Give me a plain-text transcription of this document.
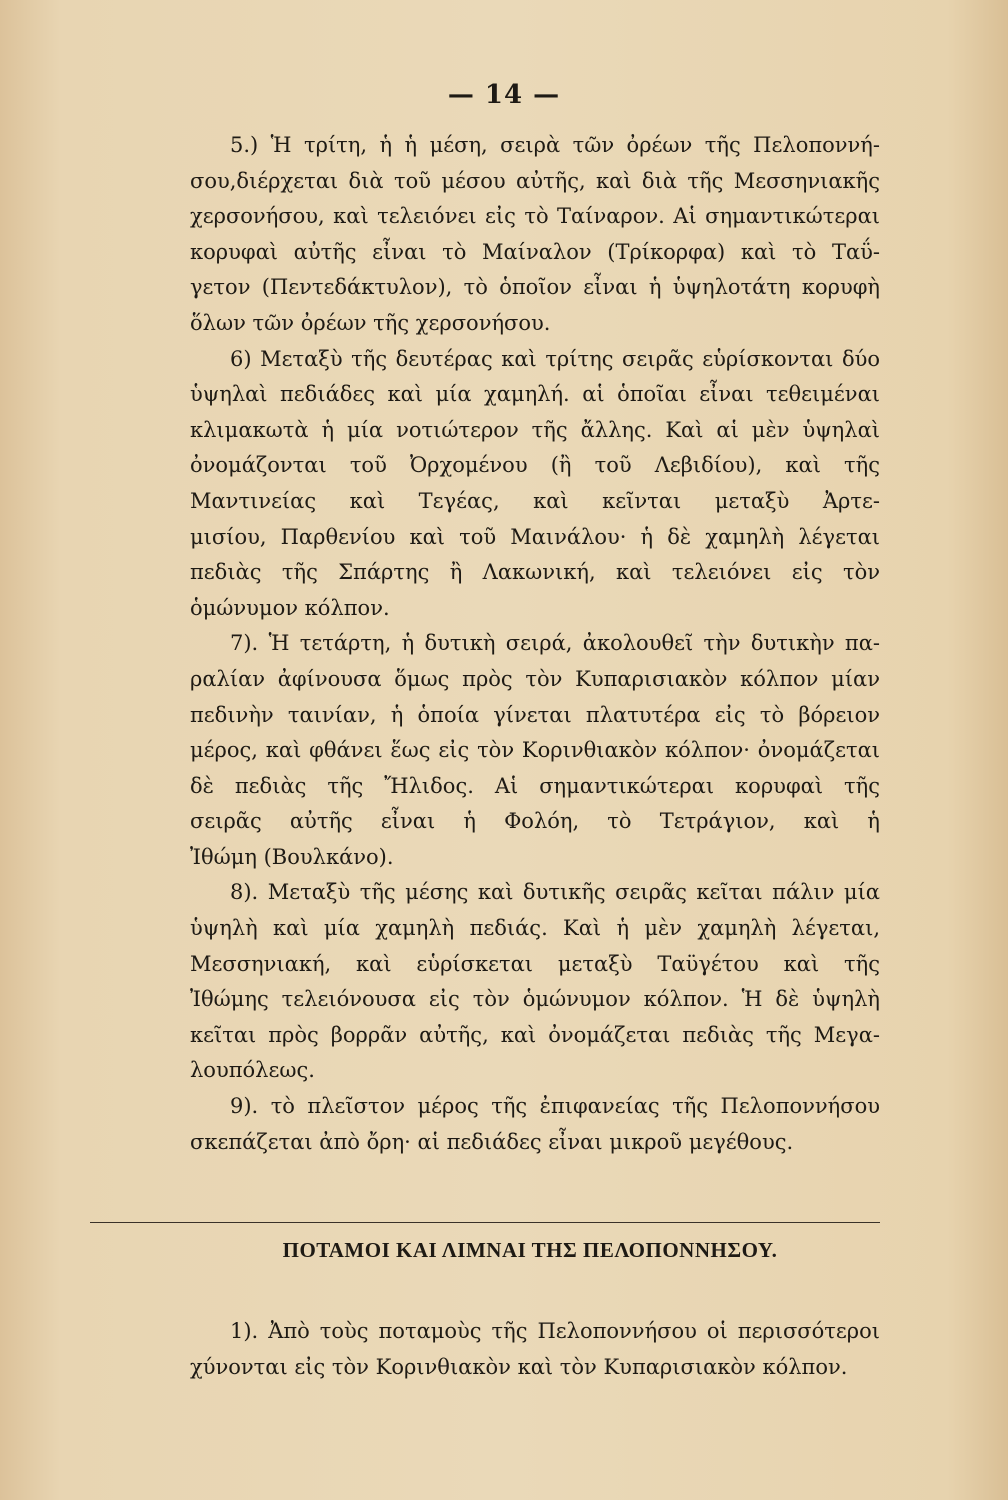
— 14 —
5.) Ἡ τρίτη, ἡ ἡ μέση, σειρὰ τῶν ὀρέων τῆς Πελοποννή-
σου,διέρχεται διὰ τοῦ μέσου αὐτῆς, καὶ διὰ τῆς Μεσσηνιακῆς
χερσονήσου, καὶ τελειόνει εἰς τὸ Ταίναρον. Αἱ σημαντικώτεραι
κορυφαὶ αὐτῆς εἶναι τὸ Μαίναλον (Τρίκορφα) καὶ τὸ Ταΰ-
γετον (Πεντεδάκτυλον), τὸ ὁποῖον εἶναι ἡ ὑψηλοτάτη κορυφὴ
ὅλων τῶν ὀρέων τῆς χερσονήσου.
6) Μεταξὺ τῆς δευτέρας καὶ τρίτης σειρᾶς εὑρίσκονται δύο
ὑψηλαὶ πεδιάδες καὶ μία χαμηλή. αἱ ὁποῖαι εἶναι τεθειμέναι
κλιμακωτὰ ἡ μία νοτιώτερον τῆς ἄλλης. Καὶ αἱ μὲν ὑψηλαὶ
ὀνομάζονται τοῦ Ὀρχομένου (ἢ τοῦ Λεβιδίου), καὶ τῆς
Μαντινείας καὶ Τεγέας, καὶ κεῖνται μεταξὺ Ἀρτε-
μισίου, Παρθενίου καὶ τοῦ Μαινάλου· ἡ δὲ χαμηλὴ λέγεται
πεδιὰς τῆς Σπάρτης ἢ Λακωνική, καὶ τελειόνει εἰς τὸν
ὁμώνυμον κόλπον.
7). Ἡ τετάρτη, ἡ δυτικὴ σειρά, ἀκολουθεῖ τὴν δυτικὴν πα-
ραλίαν ἀφίνουσα ὅμως πρὸς τὸν Κυπαρισιακὸν κόλπον μίαν
πεδινὴν ταινίαν, ἡ ὁποία γίνεται πλατυτέρα εἰς τὸ βόρειον
μέρος, καὶ φθάνει ἕως εἰς τὸν Κορινθιακὸν κόλπον· ὀνομάζεται
δὲ πεδιὰς τῆς Ἤλιδος. Αἱ σημαντικώτεραι κορυφαὶ τῆς
σειρᾶς αὐτῆς εἶναι ἡ Φολόη, τὸ Τετράγιον, καὶ ἡ
Ἰθώμη (Βουλκάνο).
8). Μεταξὺ τῆς μέσης καὶ δυτικῆς σειρᾶς κεῖται πάλιν μία
ὑψηλὴ καὶ μία χαμηλὴ πεδιάς. Καὶ ἡ μὲν χαμηλὴ λέγεται,
Μεσσηνιακή, καὶ εὑρίσκεται μεταξὺ Ταϋγέτου καὶ τῆς
Ἰθώμης τελειόνουσα εἰς τὸν ὁμώνυμον κόλπον. Ἡ δὲ ὑψηλὴ
κεῖται πρὸς βορρᾶν αὐτῆς, καὶ ὀνομάζεται πεδιὰς τῆς Μεγα-
λουπόλεως.
9). τὸ πλεῖστον μέρος τῆς ἐπιφανείας τῆς Πελοποννήσου
σκεπάζεται ἀπὸ ὄρη· αἱ πεδιάδες εἶναι μικροῦ μεγέθους.
ΠΟΤΑΜΟΙ ΚΑΙ ΛΙΜΝΑΙ ΤΗΣ ΠΕΛΟΠΟΝΝΗΣΟΥ.
1). Ἀπὸ τοὺς ποταμοὺς τῆς Πελοποννήσου οἱ περισσότεροι
χύνονται εἰς τὸν Κορινθιακὸν καὶ τὸν Κυπαρισιακὸν κόλπον.
